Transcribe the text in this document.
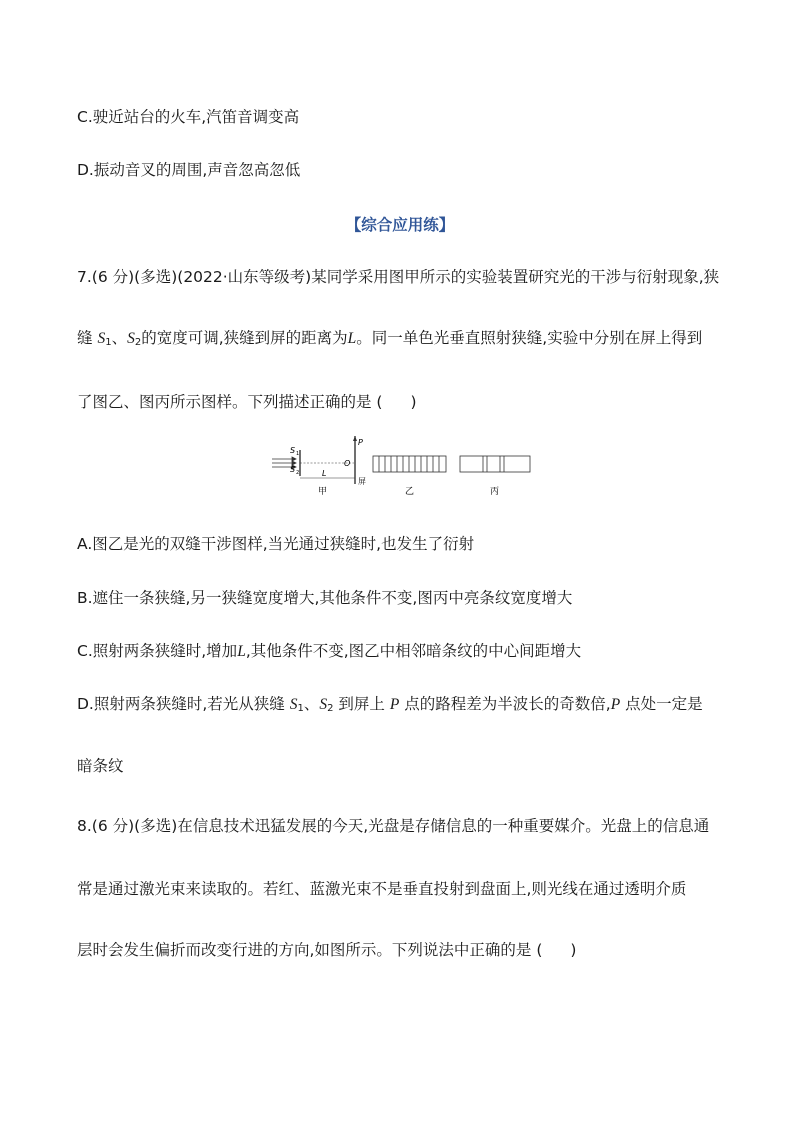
C.驶近站台的火车,汽笛音调变高
D.振动音叉的周围,声音忽高忽低
【综合应用练】
7.(6 分)(多选)(2022·山东等级考)某同学采用图甲所示的实验装置研究光的干涉与衍射现象,狭
缝 $S_1$、$S_2$的宽度可调,狭缝到屏的距离为L。同一单色光垂直照射狭缝,实验中分别在屏上得到
了图乙、图丙所示图样。下列描述正确的是 ( )
S 1
S 2
P
O
屏
L
甲	乙	丙
A.图乙是光的双缝干涉图样,当光通过狭缝时,也发生了衍射
B.遮住一条狭缝,另一狭缝宽度增大,其他条件不变,图丙中亮条纹宽度增大
C.照射两条狭缝时,增加L,其他条件不变,图乙中相邻暗条纹的中心间距增大
D.照射两条狭缝时,若光从狭缝 $S_1$、$S_2$ 到屏上 P 点的路程差为半波长的奇数倍,P 点处一定是
暗条纹
8.(6 分)(多选)在信息技术迅猛发展的今天,光盘是存储信息的一种重要媒介。光盘上的信息通
常是通过激光束来读取的。若红、蓝激光束不是垂直投射到盘面上,则光线在通过透明介质
层时会发生偏折而改变行进的方向,如图所示。下列说法中正确的是 ( )
